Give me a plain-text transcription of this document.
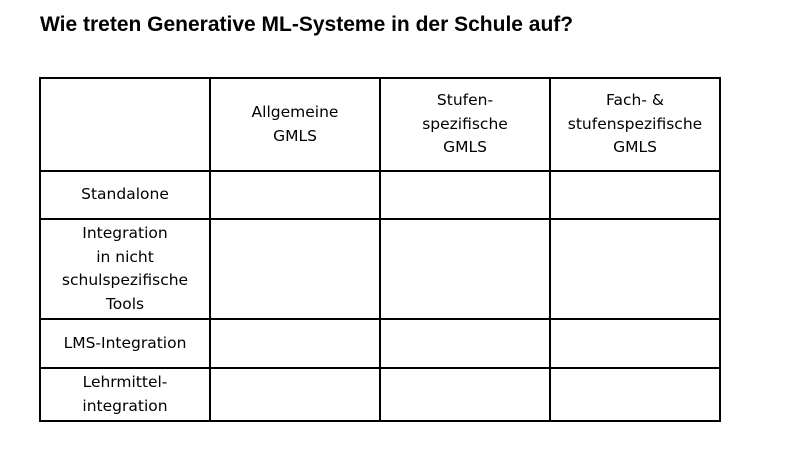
Wie treten Generative ML-Systeme in der Schule auf?

	Allgemeine
GMLS	Stufen-
spezifische
GMLS	Fach- &
stufenspezifische
GMLS

Standalone			

Integration
in nicht
schulspezifische
Tools			

LMS-Integration			

Lehrmittel-
integration			
